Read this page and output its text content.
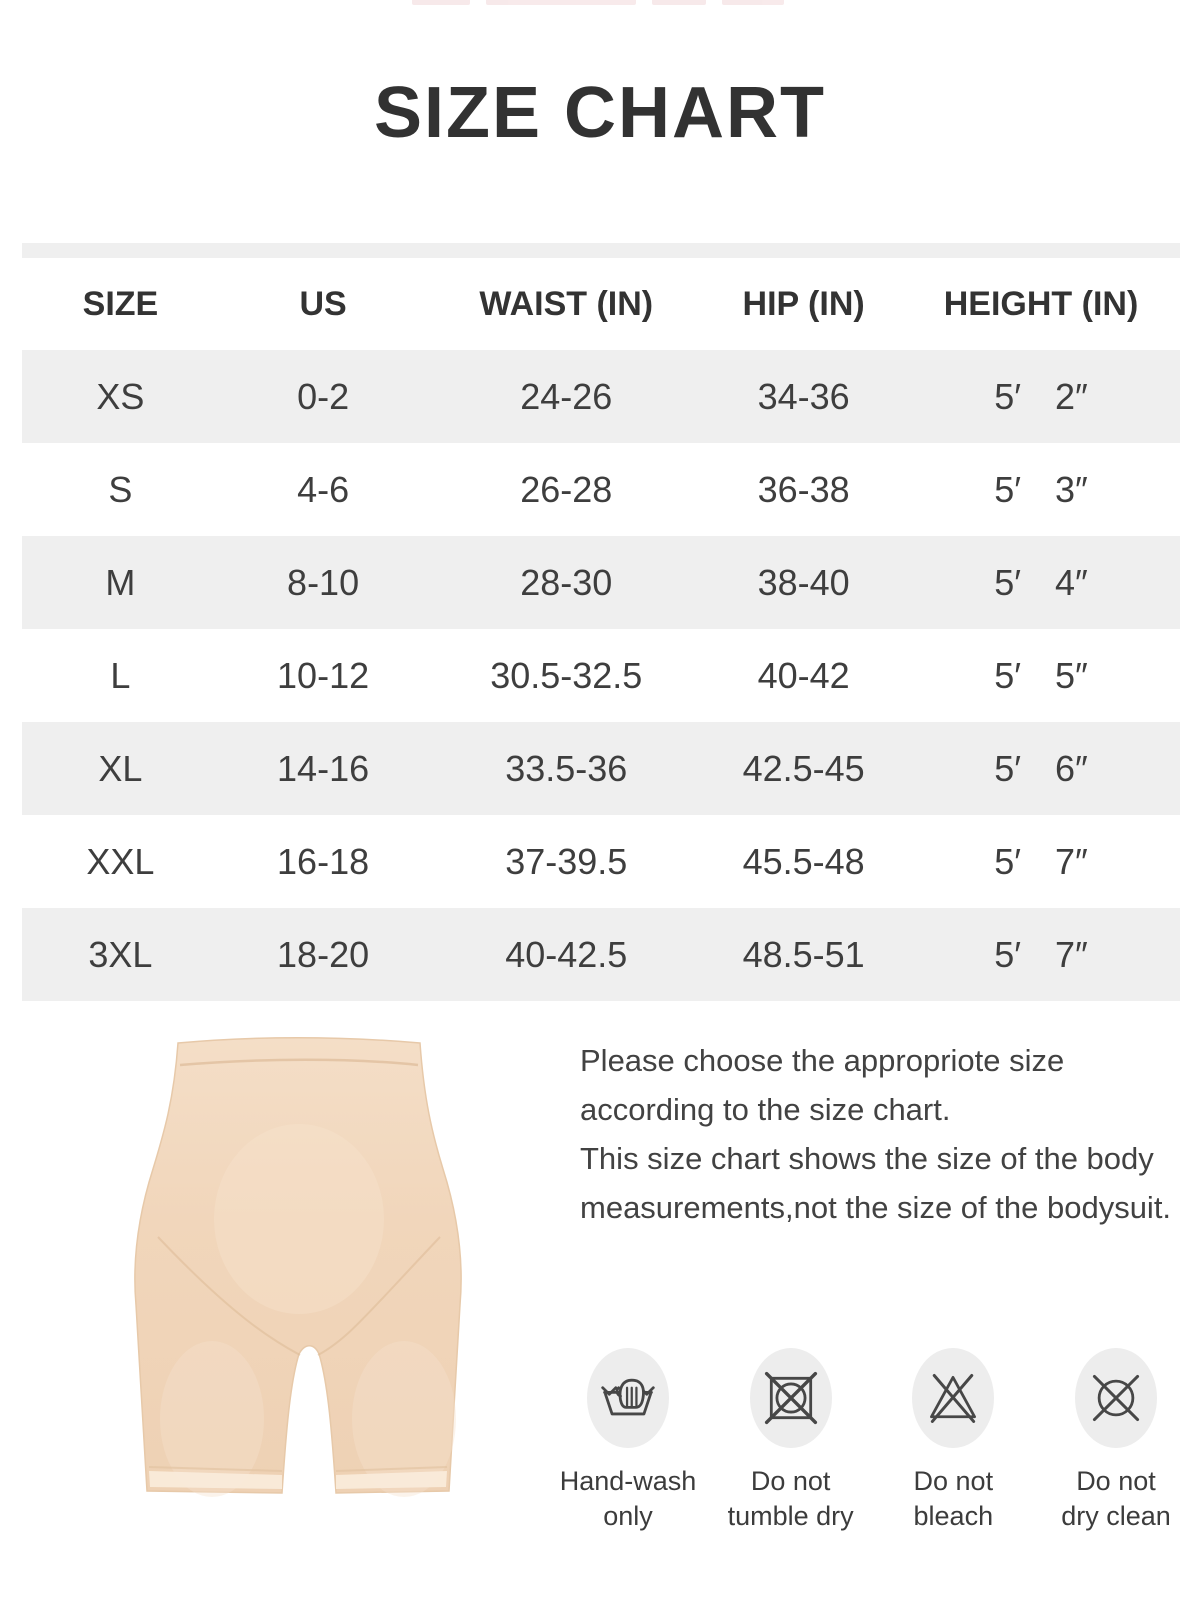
SIZE CHART
SIZE	US	WAIST (IN)	HIP (IN)	HEIGHT (IN)
XS	0-2	24-26	34-36	5′ 2″
S	4-6	26-28	36-38	5′ 3″
M	8-10	28-30	38-40	5′ 4″
L	10-12	30.5-32.5	40-42	5′ 5″
XL	14-16	33.5-36	42.5-45	5′ 6″
XXL	16-18	37-39.5	45.5-48	5′ 7″
3XL	18-20	40-42.5	48.5-51	5′ 7″

Please choose the appropriote size according to the size chart.

This size chart shows the size of the body measurements,not the size of the bodysuit.

Hand-wash
only
Do not
tumble dry
Do not
bleach
Do not
dry clean
